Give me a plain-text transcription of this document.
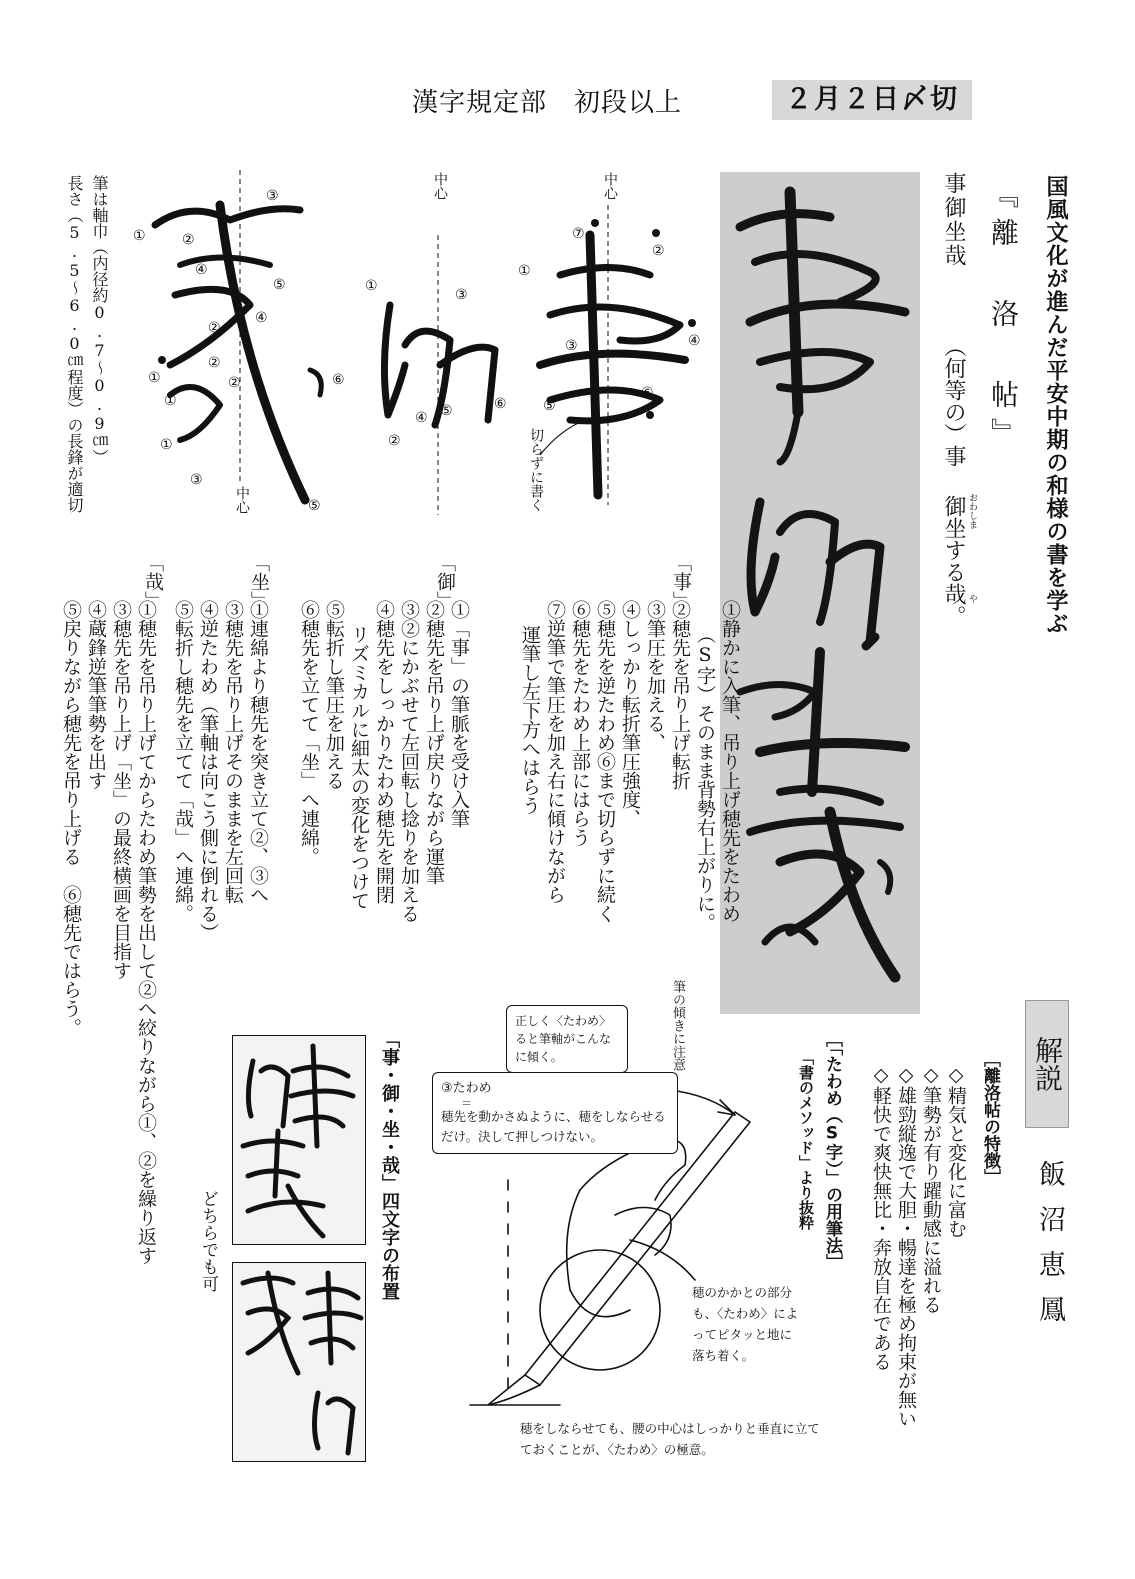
漢字規定部　初段以上	２月２日〆切
国風文化が進んだ平安中期の和様の書を学ぶ
『離 洛 帖』
事御坐哉
（何等の）事
御坐する哉。 おわしま
や
筆は軸巾（内径約0.7～0.9㎝）
長さ（5.5～6.0㎝程度）の長鋒が適切	③
①	②
④
⑤
④
②
②
①	②
①
①
③
⑤
⑥
①
③
④ ⑤	⑥
②
⑦
②
①
③	④
⑥
⑤
中心
中心	中心
切らずに書く
「事」
①静かに入筆、吊り上げ穂先をたわめ
（S字）そのまま背勢右上がりに。
②穂先を吊り上げ転折
③筆圧を加える、
④しっかり転折筆圧強度、
⑤穂先を逆たわめ⑥まで切らずに続く
⑥穂先をたわめ上部にはらう
⑦逆筆で筆圧を加え右に傾けながら
運筆し左下方へはらう
「御」
①「事」の筆脈を受け入筆
②穂先を吊り上げ戻りながら運筆
③②にかぶせて左回転し捻りを加える
④穂先をしっかりたわめ穂先を開閉
リズミカルに細太の変化をつけて
⑤転折し筆圧を加える
⑥穂先を立てて「坐」へ連綿。
「坐」
①連綿より穂先を突き立て②、③へ
③穂先を吊り上げそのままを左回転
④逆たわめ（筆軸は向こう側に倒れる）
⑤転折し穂先を立てて「哉」へ連綿。
「哉」
①穂先を吊り上げてからたわめ筆勢を出して②へ絞りながら①、②を繰り返す
③穂先を吊り上げ「坐」の最終横画を目指す
④蔵鋒逆筆筆勢を出す
⑤戻りながら穂先を吊り上げる　⑥穂先ではらう。
「事・御・坐・哉」四文字の布置
どちらでも可	［「たわめ（S字）」の用筆法］
「書のメソッド」より抜粋
筆の傾きに注意
正しく〈たわめ〉ると筆軸がこんなに傾く。
③たわめ
＝
穂先を動かさぬように、穂をしならせるだけ。決して押しつけない。
穂のかかとの部分も、〈たわめ〉によってピタッと地に落ち着く。
穂をしならせても、腰の中心はしっかりと垂直に立てておくことが、〈たわめ〉の極意。
解説
飯沼恵鳳
［離洛帖の特徴］
◇精気と変化に富む
◇筆勢が有り躍動感に溢れる
◇雄勁縦逸で大胆・暢達を極め拘束が無い
◇軽快で爽快無比・奔放自在である
